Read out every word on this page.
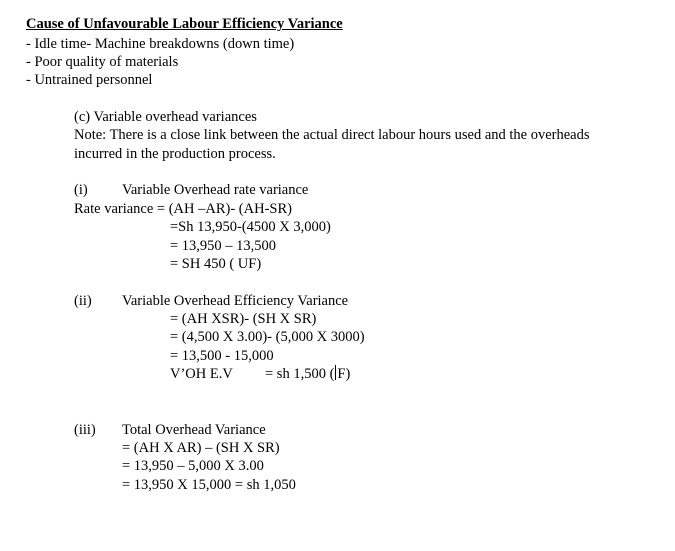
Cause of Unfavourable Labour Efficiency Variance
- Idle time- Machine breakdowns (down time)
- Poor quality of materials
- Untrained personnel
(c) Variable overhead variances
Note: There is a close link between the actual direct labour hours used and the overheads
incurred in the production process.
(i) Variable Overhead rate variance
Rate variance = (AH –AR)- (AH-SR)
=Sh 13,950-(4500 X 3,000)
= 13,950 – 13,500
= SH 450 ( UF)
(ii) Variable Overhead Efficiency Variance
= (AH XSR)- (SH X SR)
= (4,500 X 3.00)- (5,000 X 3000)
= 13,500 - 15,000
V’OH E.V = sh 1,500 ( F)
(iii) Total Overhead Variance
= (AH X AR) – (SH X SR)
= 13,950 – 5,000 X 3.00
= 13,950 X 15,000 = sh 1,050
